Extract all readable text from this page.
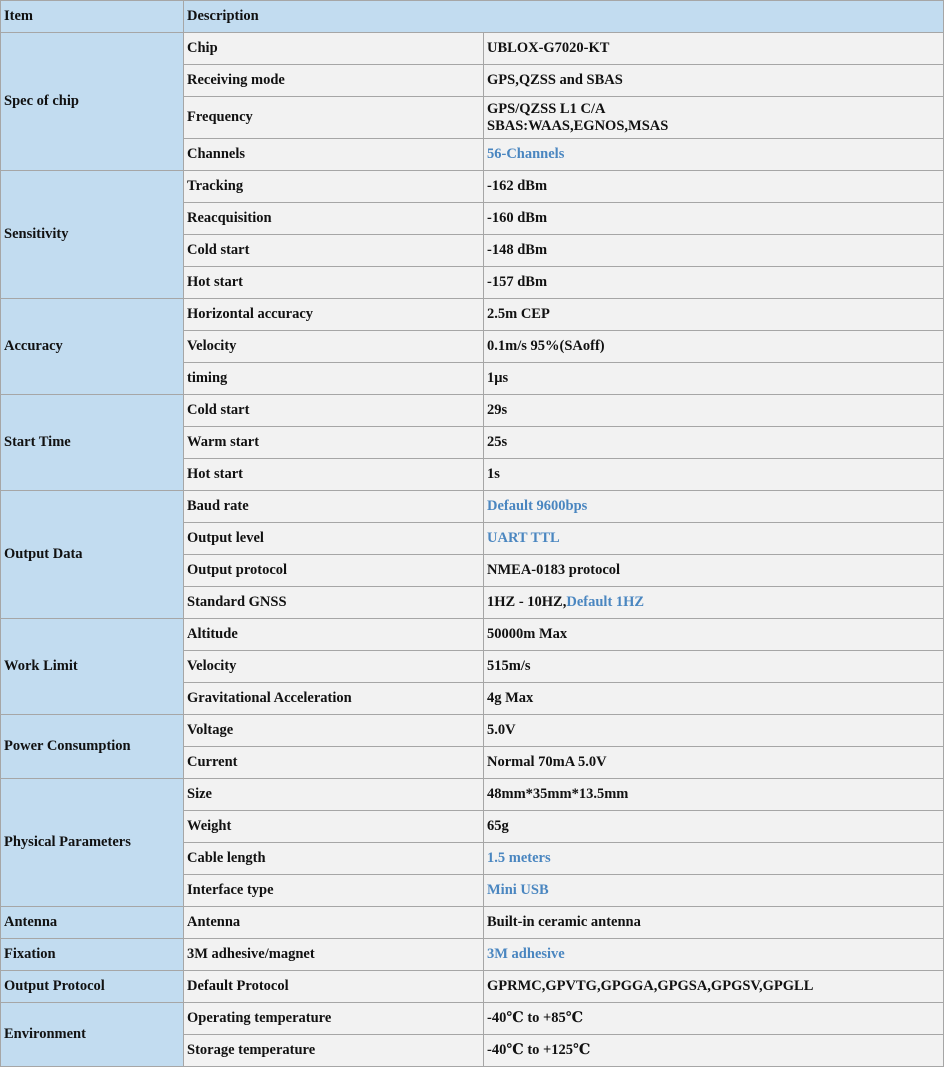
Item	Description	
Spec of chip	Chip	UBLOX-G7020-KT
	Receiving mode	GPS,QZSS and SBAS
	Frequency	GPS/QZSS L1 C/A
SBAS:WAAS,EGNOS,MSAS

	Channels	56-Channels
Sensitivity	Tracking	-162 dBm
	Reacquisition	-160 dBm
	Cold start	-148 dBm
	Hot start	-157 dBm
Accuracy	Horizontal accuracy	2.5m CEP
	Velocity	0.1m/s 95%(SAoff)
	timing	1μs
Start Time	Cold start	29s
	Warm start	25s
	Hot start	1s
Output Data	Baud rate	Default 9600bps
	Output level	UART TTL
	Output protocol	NMEA-0183 protocol
	Standard GNSS	1HZ - 10HZ,Default 1HZ
Work Limit	Altitude	50000m Max
	Velocity	515m/s
	Gravitational Acceleration	4g Max
Power Consumption	Voltage	5.0V
	Current	Normal 70mA 5.0V
Physical Parameters	Size	48mm*35mm*13.5mm
	Weight	65g
	Cable length	1.5 meters
	Interface type	Mini USB
Antenna	Antenna	Built-in ceramic antenna
Fixation	3M adhesive/magnet	3M adhesive
Output Protocol	Default Protocol	GPRMC,GPVTG,GPGGA,GPGSA,GPGSV,GPGLL
Environment	Operating temperature	-40℃ to +85℃
	Storage temperature	-40℃ to +125℃
